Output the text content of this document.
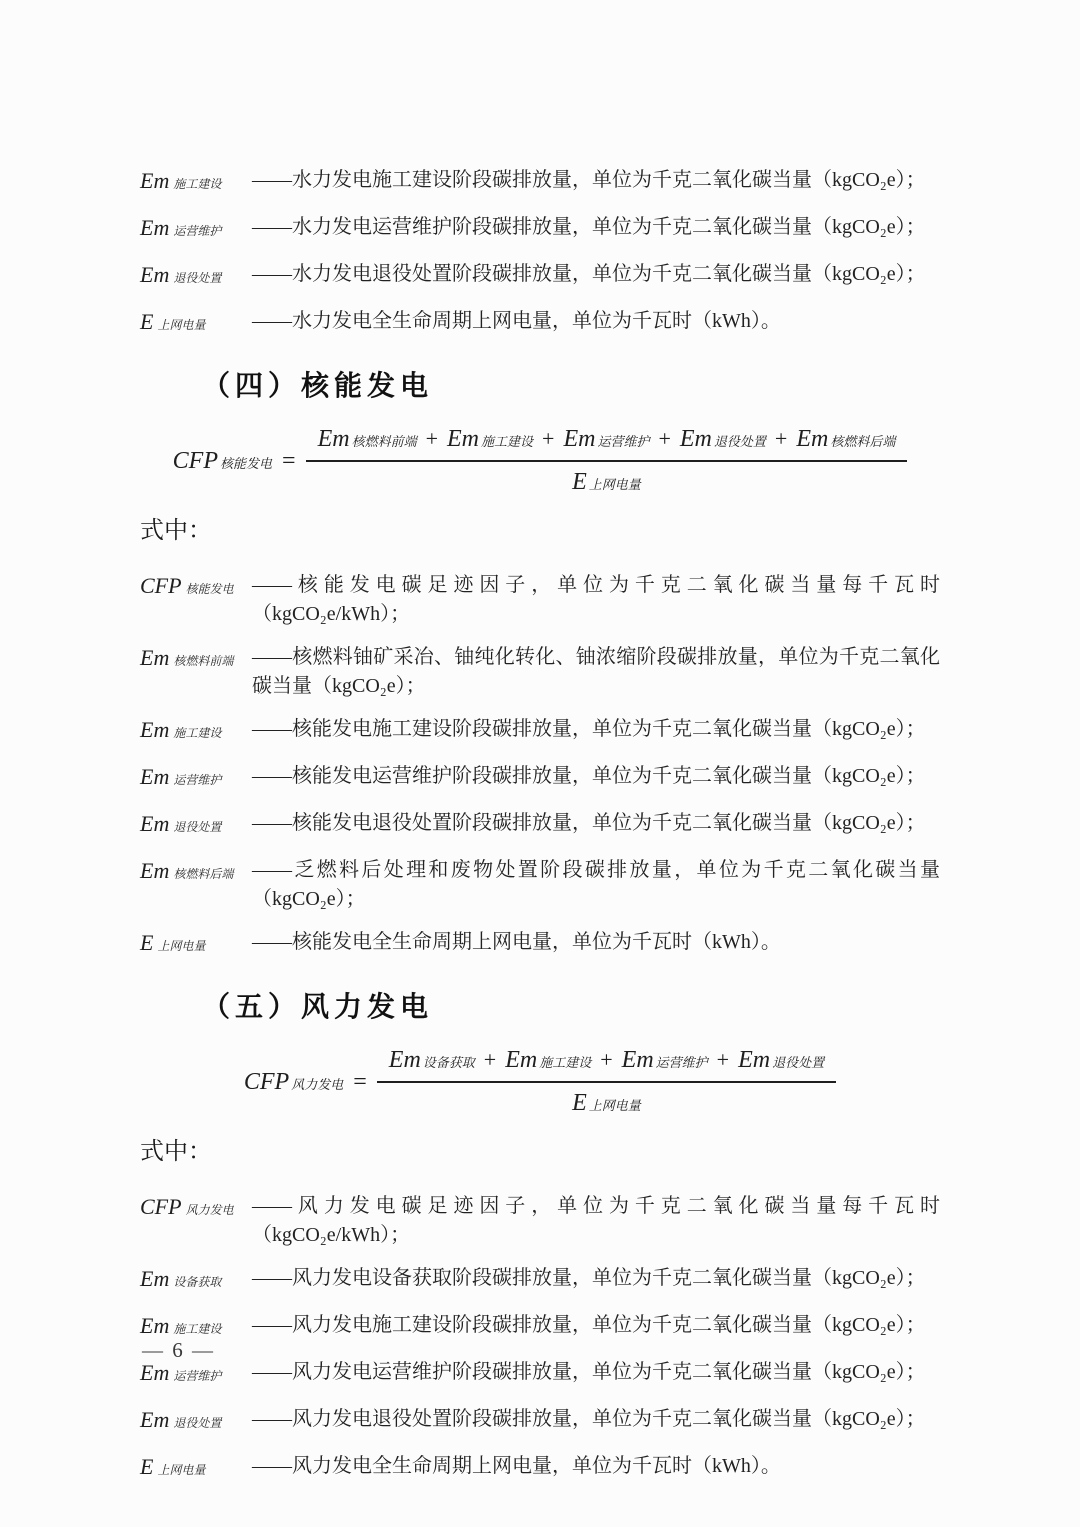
Em 施工建设	——水力发电施工建设阶段碳排放量，单位为千克二氧化碳当量（kgCO₂e）；
Em 运营维护	——水力发电运营维护阶段碳排放量，单位为千克二氧化碳当量（kgCO₂e）；
Em 退役处置	——水力发电退役处置阶段碳排放量，单位为千克二氧化碳当量（kgCO₂e）；
E上网电量	——水力发电全生命周期上网电量，单位为千瓦时（kWh）。
（四）核能发电
CFP 核能发电 =
Em 核燃料前端 + Em 施工建设 + Em 运营维护 + Em 退役处置 + Em 核燃料后端
E上网电量

式中：

CFP 核能发电 ——核能发电碳足迹因子，单位为千克二氧化碳当量每千瓦时（kgCO₂e/kWh）；
Em 核燃料前端 ——核燃料铀矿采冶、铀纯化转化、铀浓缩阶段碳排放量，单位为千克二氧化碳当量（kgCO₂e）；
Em 施工建设	——核能发电施工建设阶段碳排放量，单位为千克二氧化碳当量（kgCO₂e）；
Em 运营维护	——核能发电运营维护阶段碳排放量，单位为千克二氧化碳当量（kgCO₂e）；
Em 退役处置	——核能发电退役处置阶段碳排放量，单位为千克二氧化碳当量（kgCO₂e）；
Em 核燃料后端 ——乏燃料后处理和废物处置阶段碳排放量，单位为千克二氧化碳当量（kgCO₂e）；
E上网电量	——核能发电全生命周期上网电量，单位为千瓦时（kWh）。
（五）风力发电
CFP 风力发电 =
Em 设备获取 + Em 施工建设 + Em 运营维护 + Em 退役处置
E上网电量

式中：

CFP 风力发电 ——风力发电碳足迹因子，单位为千克二氧化碳当量每千瓦时（kgCO₂e/kWh）；
Em 设备获取	——风力发电设备获取阶段碳排放量，单位为千克二氧化碳当量（kgCO₂e）；
Em 施工建设	——风力发电施工建设阶段碳排放量，单位为千克二氧化碳当量（kgCO₂e）；
Em 运营维护	——风力发电运营维护阶段碳排放量，单位为千克二氧化碳当量（kgCO₂e）；
Em 退役处置	——风力发电退役处置阶段碳排放量，单位为千克二氧化碳当量（kgCO₂e）；
E上网电量	——风力发电全生命周期上网电量，单位为千瓦时（kWh）。
— 6 —
